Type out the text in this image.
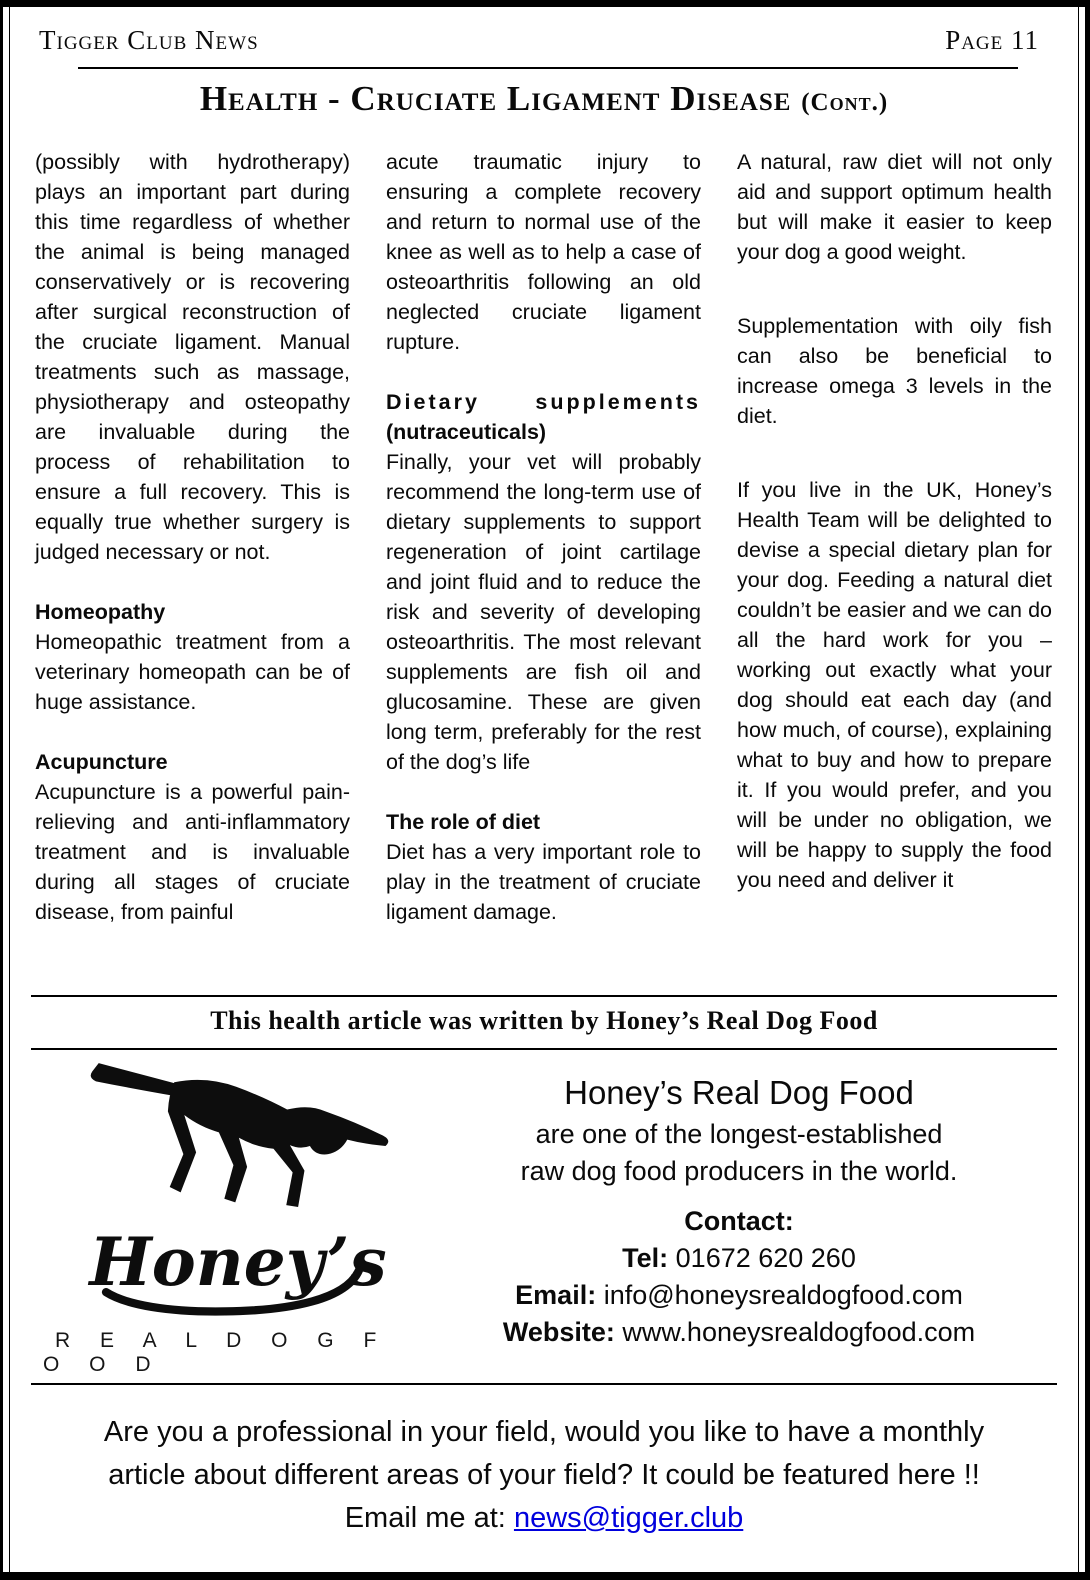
Tigger Club News	Page 11
Health - Cruciate Ligament Disease (Cont.)

(possibly with hydrotherapy) plays an important part during this time regardless of whether the animal is being managed conservatively or is recovering after surgical reconstruction of the cruciate ligament. Manual treatments such as massage, physiotherapy and osteopathy are invaluable during the process of rehabilitation to ensure a full recovery. This is equally true whether surgery is judged necessary or not.

Homeopathy

Homeopathic treatment from a veterinary homeopath can be of huge assistance.

Acupuncture

Acupuncture is a powerful pain-relieving and anti-inflammatory treatment and is invaluable during all stages of cruciate disease, from painful

acute traumatic injury to ensuring a complete recovery and return to normal use of the knee as well as to help a case of osteoarthritis following an old neglected cruciate ligament rupture.

Dietary supplements

(nutraceuticals)

Finally, your vet will probably recommend the long-term use of dietary supplements to support regeneration of joint cartilage and joint fluid and to reduce the risk and severity of developing osteoarthritis. The most relevant supplements are fish oil and glucosamine. These are given long term, preferably for the rest of the dog’s life

The role of diet

Diet has a very important role to play in the treatment of cruciate ligament damage.

A natural, raw diet will not only aid and support optimum health but will make it easier to keep your dog a good weight.

Supplementation with oily fish can also be beneficial to increase omega 3 levels in the diet.

If you live in the UK, Honey’s Health Team will be delighted to devise a special dietary plan for your dog. Feeding a natural diet couldn’t be easier and we can do all the hard work for you – working out exactly what your dog should eat each day (and how much, of course), explaining what to buy and how to prepare it. If you would prefer, and you will be under no obligation, we will be happy to supply the food you need and deliver it

This health article was written by Honey’s Real Dog Food
Honey’s
R E A L D O G F O O D
Honey’s Real Dog Food
are one of the longest-established
raw dog food producers in the world.
Contact:
Tel: 01672 620 260
Email: info@honeysrealdogfood.com
Website: www.honeysrealdogfood.com
Are you a professional in your field, would you like to have a monthly
article about different areas of your field? It could be featured here !!
Email me at: news@tigger.club
